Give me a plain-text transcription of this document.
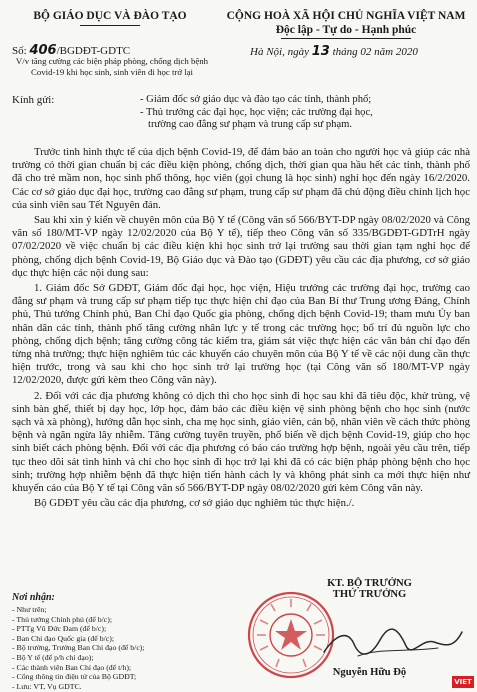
BỘ GIÁO DỤC VÀ ĐÀO TẠO	CỘNG HOÀ XÃ HỘI CHỦ NGHĨA VIỆT NAM
Độc lập - Tự do - Hạnh phúc
Số: 406/BGDĐT-GDTC
V/v tăng cường các biện pháp phòng, chống dịch bệnh Covid-19 khi học sinh, sinh viên đi học trở lại
Hà Nội, ngày 13 tháng 02 năm 2020
Kính gửi:	- Giám đốc sở giáo dục và đào tạo các tỉnh, thành phố;
- Thủ trưởng các đại học, học viện; các trường đại học,
trường cao đẳng sư phạm và trung cấp sư phạm.

Trước tình hình thực tế của dịch bệnh Covid-19, để đảm bảo an toàn cho người học và giúp các nhà trường có thời gian chuẩn bị các điều kiện phòng, chống dịch, thời gian qua hầu hết các tỉnh, thành phố đã cho trẻ mầm non, học sinh phổ thông, học viên (gọi chung là học sinh) nghỉ học đến ngày 16/2/2020. Các cơ sở giáo dục đại học, trường cao đẳng sư phạm, trung cấp sư phạm đã chủ động điều chỉnh lịch học của sinh viên sau Tết Nguyên đán.

Sau khi xin ý kiến về chuyên môn của Bộ Y tế (Công văn số 566/BYT-DP ngày 08/02/2020 và Công văn số 180/MT-VP ngày 12/02/2020 của Bộ Y tế), tiếp theo Công văn số 335/BGDĐT-GDTrH ngày 07/02/2020 về việc chuẩn bị các điều kiện khi học sinh trở lại trường sau thời gian tạm nghỉ học để phòng, chống dịch bệnh Covid-19, Bộ Giáo dục và Đào tạo (GDĐT) yêu cầu các địa phương, cơ sở giáo dục thực hiện các nội dung sau:

1. Giám đốc Sở GDĐT, Giám đốc đại học, học viện, Hiệu trưởng các trường đại học, trường cao đẳng sư phạm và trung cấp sư phạm tiếp tục thực hiện chỉ đạo của Ban Bí thư Trung ương Đảng, Chính phủ, Thủ tướng Chính phủ, Ban Chỉ đạo Quốc gia phòng, chống dịch bệnh Covid-19; tham mưu Ủy ban nhân dân các tỉnh, thành phố tăng cường nhân lực y tế trong các trường học; bố trí đủ nguồn lực cho phòng, chống dịch bệnh; tăng cường công tác kiểm tra, giám sát việc thực hiện các văn bản chỉ đạo đến từng nhà trường; thực hiện nghiêm túc các khuyến cáo chuyên môn của Bộ Y tế về các nội dung cần thực hiện trước, trong và sau khi cho học sinh trở lại trường học (tại Công văn số 180/MT-VP ngày 12/02/2020, được gửi kèm theo Công văn này).

2. Đối với các địa phương không có dịch thì cho học sinh đi học sau khi đã tiêu độc, khử trùng, vệ sinh bàn ghế, thiết bị dạy học, lớp học, đảm bảo các điều kiện vệ sinh phòng bệnh cho học sinh (nước sạch và xà phòng), hướng dẫn học sinh, cha mẹ học sinh, giáo viên, cán bộ, nhân viên về cách thức phòng bệnh và ngăn ngừa lây nhiễm. Tăng cường tuyên truyền, phổ biến về dịch bệnh Covid-19, giúp cho học sinh biết cách phòng bệnh. Đối với các địa phương có báo cáo trường hợp bệnh, ngoài yêu cầu trên, tiếp tục theo dõi sát tình hình và chỉ cho học sinh đi học trở lại khi đã có các biện pháp phòng bệnh cho học sinh; trường hợp nhiễm bệnh đã thực hiện tiến hành cách ly và không phát sinh ca mới thực hiện như khuyến cáo của Bộ Y tế tại Công văn số 566/BYT-DP ngày 08/02/2020 gửi kèm Công văn này.

Bộ GDĐT yêu cầu các địa phương, cơ sở giáo dục nghiêm túc thực hiện./.

Nơi nhận:
- Như trên;
- Thủ tướng Chính phủ (để b/c);
- PTTg Vũ Đức Đam (để b/c);
- Ban Chỉ đạo Quốc gia (để b/c);
- Bộ trưởng, Trưởng Ban Chỉ đạo (để b/c);
- Bộ Y tế (để p/h chỉ đạo);
- Các thành viên Ban Chỉ đạo (để t/h);
- Cổng thông tin điện tử của Bộ GDĐT;
- Lưu: VT, Vụ GDTC.
KT. BỘ TRƯỞNG
THỨ TRƯỞNG
Nguyễn Hữu Độ
VIET
